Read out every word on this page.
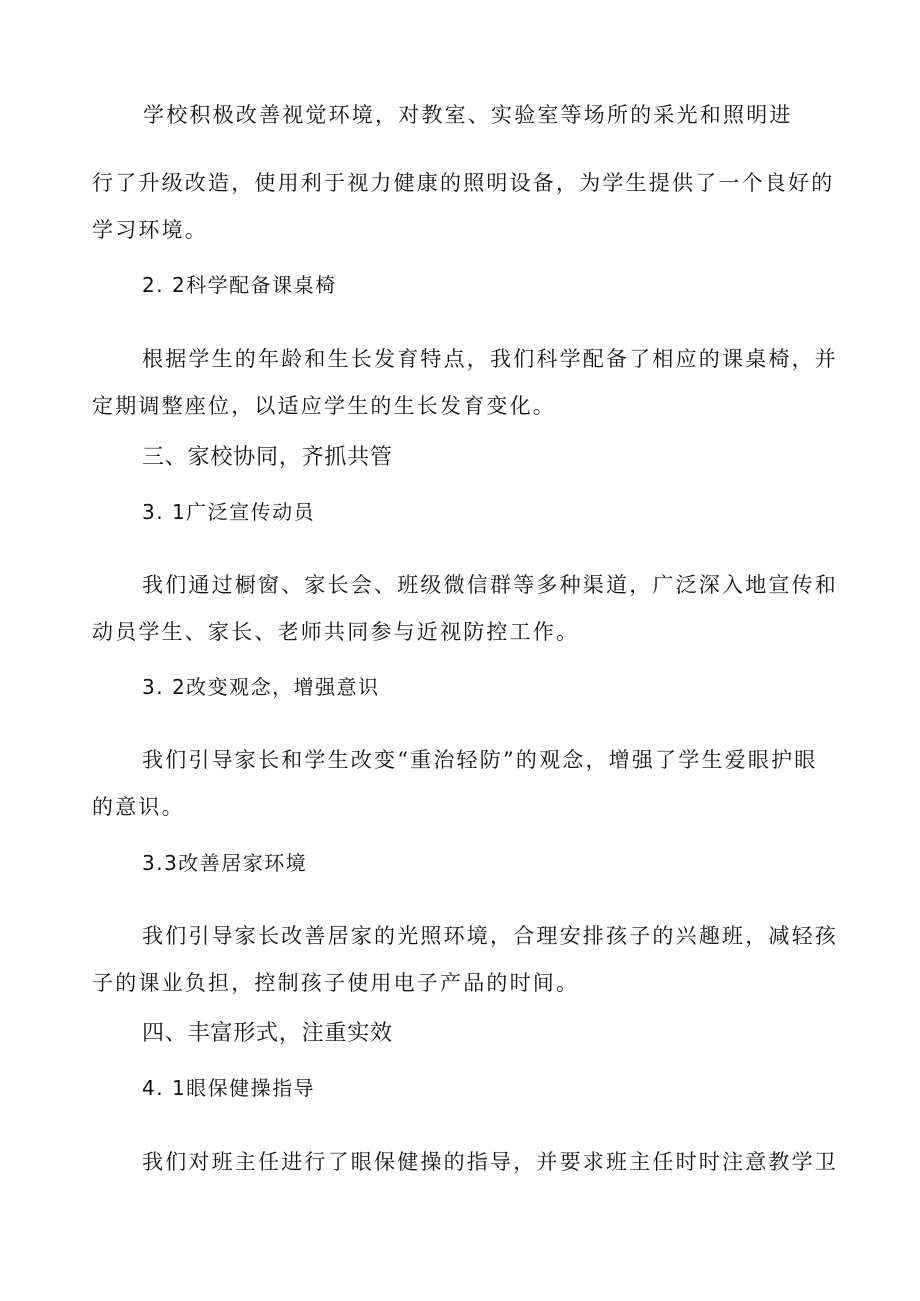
学校积极改善视觉环境，对教室、实验室等场所的采光和照明进
行了升级改造，使用利于视力健康的照明设备，为学生提供了一个良好的
学习环境。
2. 2科学配备课桌椅
根据学生的年龄和生长发育特点，我们科学配备了相应的课桌椅，并
定期调整座位，以适应学生的生长发育变化。
三、家校协同，齐抓共管
3. 1广泛宣传动员
我们通过橱窗、家长会、班级微信群等多种渠道，广泛深入地宣传和
动员学生、家长、老师共同参与近视防控工作。
3. 2改变观念，增强意识
我们引导家长和学生改变“重治轻防”的观念，增强了学生爱眼护眼
的意识。
3.3改善居家环境
我们引导家长改善居家的光照环境，合理安排孩子的兴趣班，减轻孩
子的课业负担，控制孩子使用电子产品的时间。
四、丰富形式，注重实效
4. 1眼保健操指导
我们对班主任进行了眼保健操的指导，并要求班主任时时注意教学卫
